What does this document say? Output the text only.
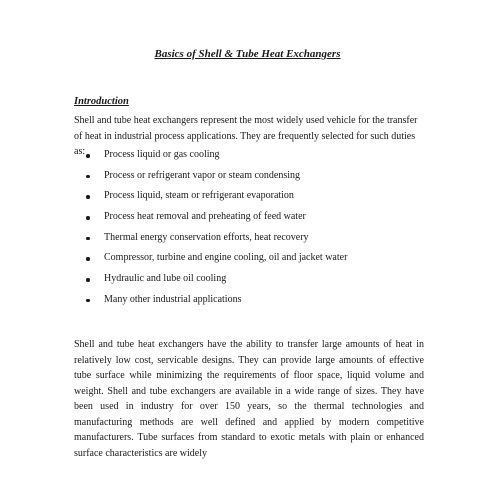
Basics of Shell & Tube Heat Exchangers
Introduction

Shell and tube heat exchangers represent the most widely used vehicle for the transfer of heat in industrial process applications. They are frequently selected for such duties as:	Process liquid or gas cooling
Process or refrigerant vapor or steam condensing
Process liquid, steam or refrigerant evaporation
Process heat removal and preheating of feed water
Thermal energy conservation efforts, heat recovery
Compressor, turbine and engine cooling, oil and jacket water
Hydraulic and lube oil cooling
Many other industrial applications

Shell and tube heat exchangers have the ability to transfer large amounts of heat in relatively low cost, servicable designs. They can provide large amounts of effective tube surface while minimizing the requirements of floor space, liquid volume and weight. Shell and tube exchangers are available in a wide range of sizes. They have been used in industry for over 150 years, so the thermal technologies and manufacturing methods are well defined and applied by modern competitive manufacturers. Tube surfaces from standard to exotic metals with plain or enhanced surface characteristics are widely
